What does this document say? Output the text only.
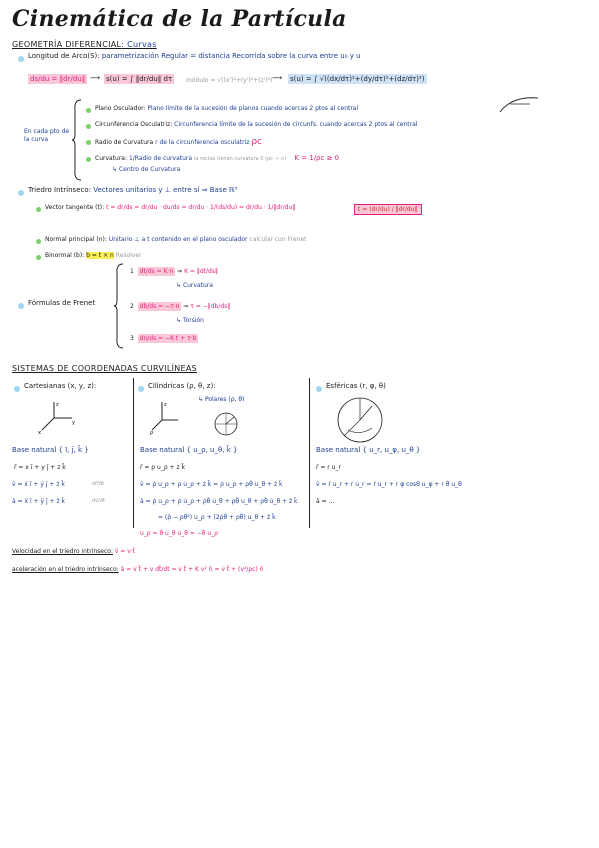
Cinemática de la Partícula
GEOMETRÍA DIFERENCIAL: Curvas
Longitud de Arco(S): parametrización Regular = distancia Recorrida sobre la curva entre u₀ y u
ds/du = ‖dr/du‖ ⟶ s(u) = ∫ ‖dr/du‖ dτ	módulo = √((x')²+(y')²+(z')²) ⟶ s(u) = ∫ √((dx/dτ)²+(dy/dτ)²+(dz/dτ)²)
En cada pto de la curva
Plano Osculador: Plano límite de la sucesión de planos cuando acercas 2 ptos al central
Circunferencia Osculatriz: Circunferencia límite de la sucesión de circunfs. cuando acercas 2 ptos al central
Radio de Curvatura r de la circunferencia osculatriz ρc
Curvatura: 1/Radio de curvatura la rectas tienen curvatura 0 (ρc → ∞) K = 1/ρc ≥ 0
↳ Centro de Curvatura
Triedro Intrínseco: Vectores unitarios y ⊥ entre sí ⇒ Base ℝ³
Vector tangente (t): t = dr/ds = dr/du · du/ds = dr/du · 1/(ds/du) = dr/du · 1/‖dr/du‖	t = (dr/du) / ‖dr/du‖
Normal principal (n): Unitario ⊥ a t contenido en el plano osculador calcular con Frenet
Binormal (b): b = t × n Resolver
Fórmulas de Frenet
1  dt/ds = K·n ⇒ K = ‖dt/ds‖
↳ Curvatura
2  db/ds = −τ·n ⇒ τ = −‖db/ds‖
↳ Torsión
3  dn/ds = −K·t + τ·b
SISTEMAS DE COORDENADAS CURVILÍNEAS
Cartesianas (x, y, z):
z
y
x
Base natural { ī, j̄, k̄ }
r̄ = x ī + y j̄ + z k̄
v̄ = ẋ ī + ẏ j̄ + ż k̄	dr̄/dt
ā = ẍ ī + ÿ j̄ + z̈ k̄	dv̄/dt
Cilíndricas (ρ, θ, z):
↳ Polares (ρ, θ)
z
ρ
Base natural { u_ρ, u_θ, k̄ }
r̄ = ρ u_ρ + z k̄
v̄ = ρ̇ u_ρ + ρ u̇_ρ + ż k̄ = ρ̇ u_ρ + ρθ̇ u_θ + ż k̄
ā = ρ̈ u_ρ + ρ̇ u̇_ρ + ρ̇θ̇ u_θ + ρθ̈ u_θ + ρθ̇ u̇_θ + z̈ k̄
= (ρ̈ − ρθ̇²) u_ρ + (2ρ̇θ̇ + ρθ̈) u_θ + z̈ k̄
u̇_ρ = θ̇ u_θ u̇_θ = −θ̇ u_ρ
Esféricas (r, φ, θ)
Base natural { u_r, u_φ, u_θ }
r̄ = r u_r
v̄ = ṙ u_r + r u̇_r = ṙ u_r + r φ̇ cosθ u_φ + r θ̇ u_θ
ā = ...
Velocidad en el triedro intrínseco: v̄ = v·t̄
aceleración en el triedro intrínseco: ā = v̇ t̄ + v dt̄/dt = v̇ t̄ + K v² n̄ = v̇ t̄ + (v²/ρc) n̄
